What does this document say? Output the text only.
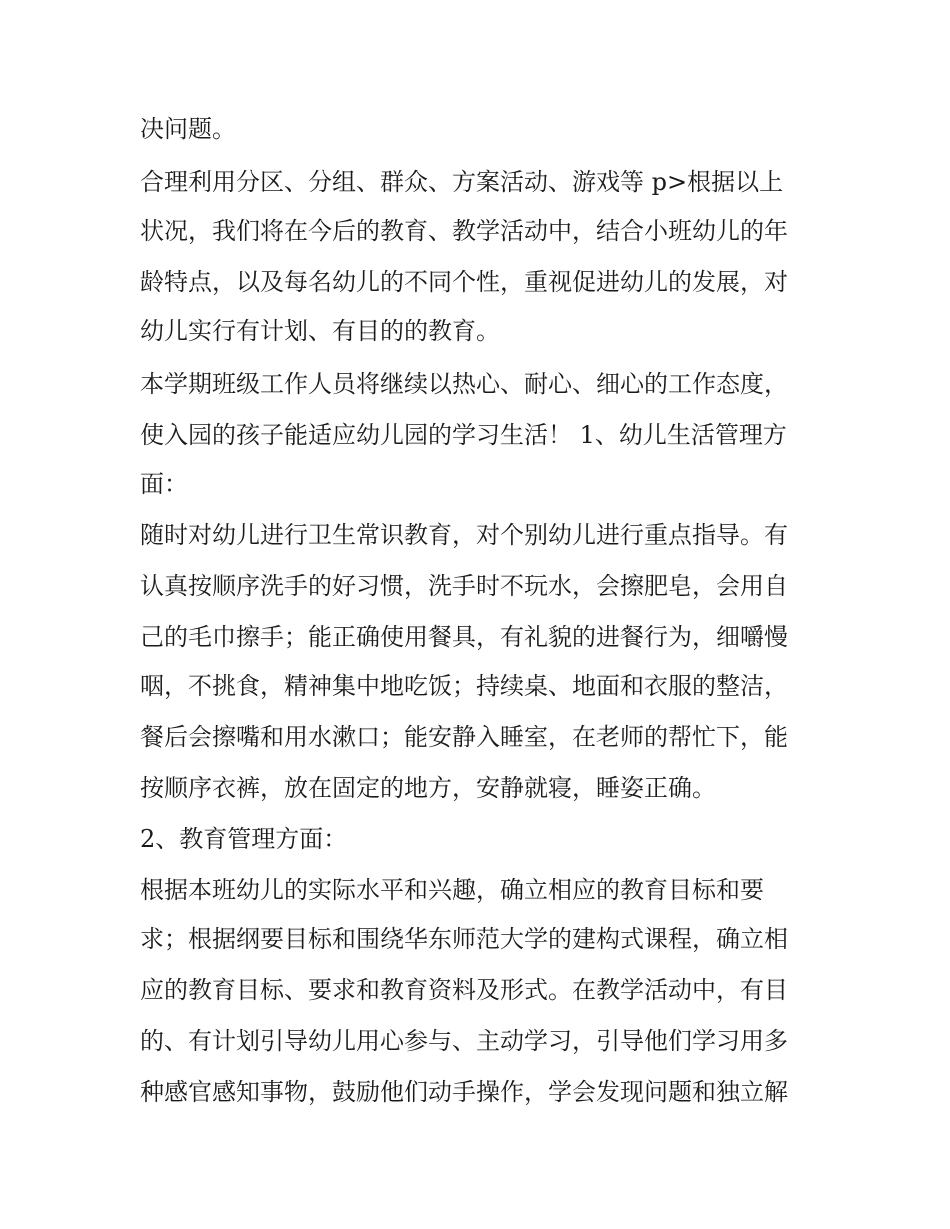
决问题。
合理利用分区、分组、群众、方案活动、游戏等 p>根据以上
状况，我们将在今后的教育、教学活动中，结合小班幼儿的年
龄特点，以及每名幼儿的不同个性，重视促进幼儿的发展，对
幼儿实行有计划、有目的的教育。
本学期班级工作人员将继续以热心、耐心、细心的工作态度，
使入园的孩子能适应幼儿园的学习生活！ 1、幼儿生活管理方
面：
随时对幼儿进行卫生常识教育，对个别幼儿进行重点指导。有
认真按顺序洗手的好习惯，洗手时不玩水，会擦肥皂，会用自
己的毛巾擦手；能正确使用餐具，有礼貌的进餐行为，细嚼慢
咽，不挑食，精神集中地吃饭；持续桌、地面和衣服的整洁，
餐后会擦嘴和用水漱口；能安静入睡室，在老师的帮忙下，能
按顺序衣裤，放在固定的地方，安静就寝，睡姿正确。
2、教育管理方面：
根据本班幼儿的实际水平和兴趣，确立相应的教育目标和要
求；根据纲要目标和围绕华东师范大学的建构式课程，确立相
应的教育目标、要求和教育资料及形式。在教学活动中，有目
的、有计划引导幼儿用心参与、主动学习，引导他们学习用多
种感官感知事物，鼓励他们动手操作，学会发现问题和独立解
